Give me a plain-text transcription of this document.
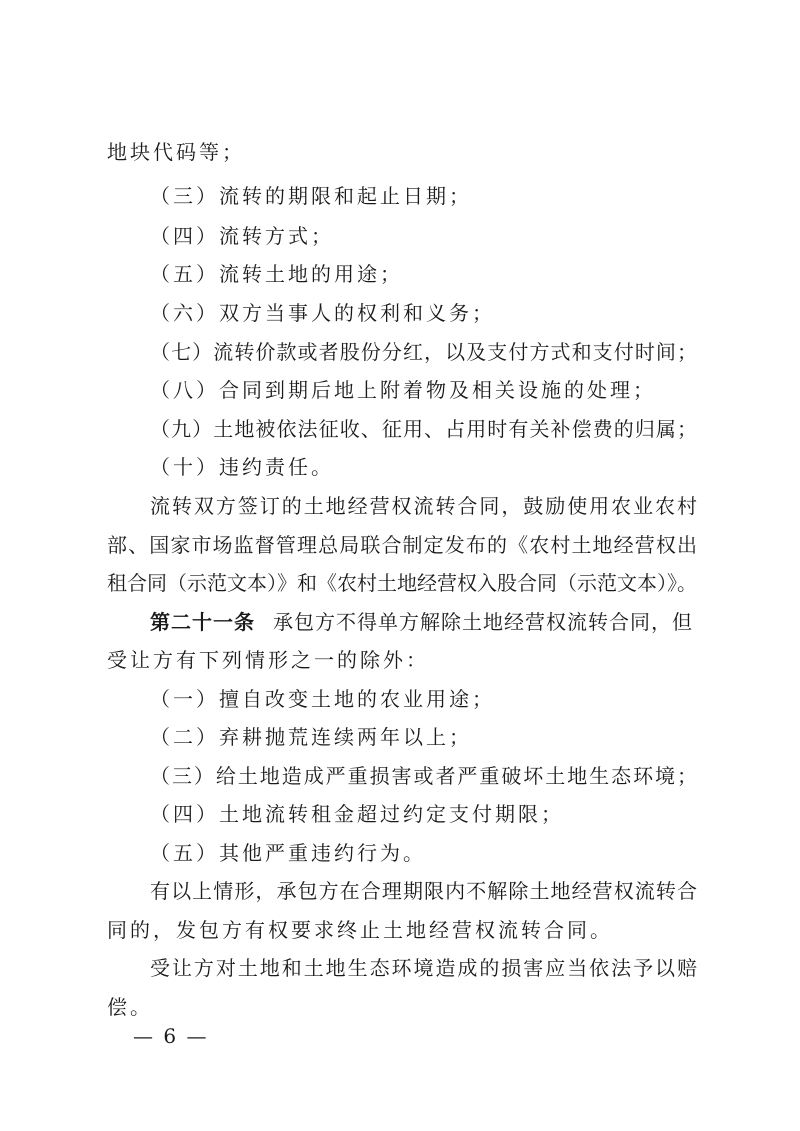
地块代码等；
（三）流转的期限和起止日期；
（四）流转方式；
（五）流转土地的用途；
（六）双方当事人的权利和义务；
（七）流转价款或者股份分红，以及支付方式和支付时间；
（八）合同到期后地上附着物及相关设施的处理；
（九）土地被依法征收、征用、占用时有关补偿费的归属；
（十）违约责任。
流转双方签订的土地经营权流转合同，鼓励使用农业农村
部、国家市场监督管理总局联合制定发布的《农村土地经营权出
租合同（示范文本）》和《农村土地经营权入股合同（示范文本）》。
第二十一条 承包方不得单方解除土地经营权流转合同，但
受让方有下列情形之一的除外：
（一）擅自改变土地的农业用途；
（二）弃耕抛荒连续两年以上；
（三）给土地造成严重损害或者严重破坏土地生态环境；
（四）土地流转租金超过约定支付期限；
（五）其他严重违约行为。
有以上情形，承包方在合理期限内不解除土地经营权流转合
同的，发包方有权要求终止土地经营权流转合同。
受让方对土地和土地生态环境造成的损害应当依法予以赔
偿。
— 6 —
